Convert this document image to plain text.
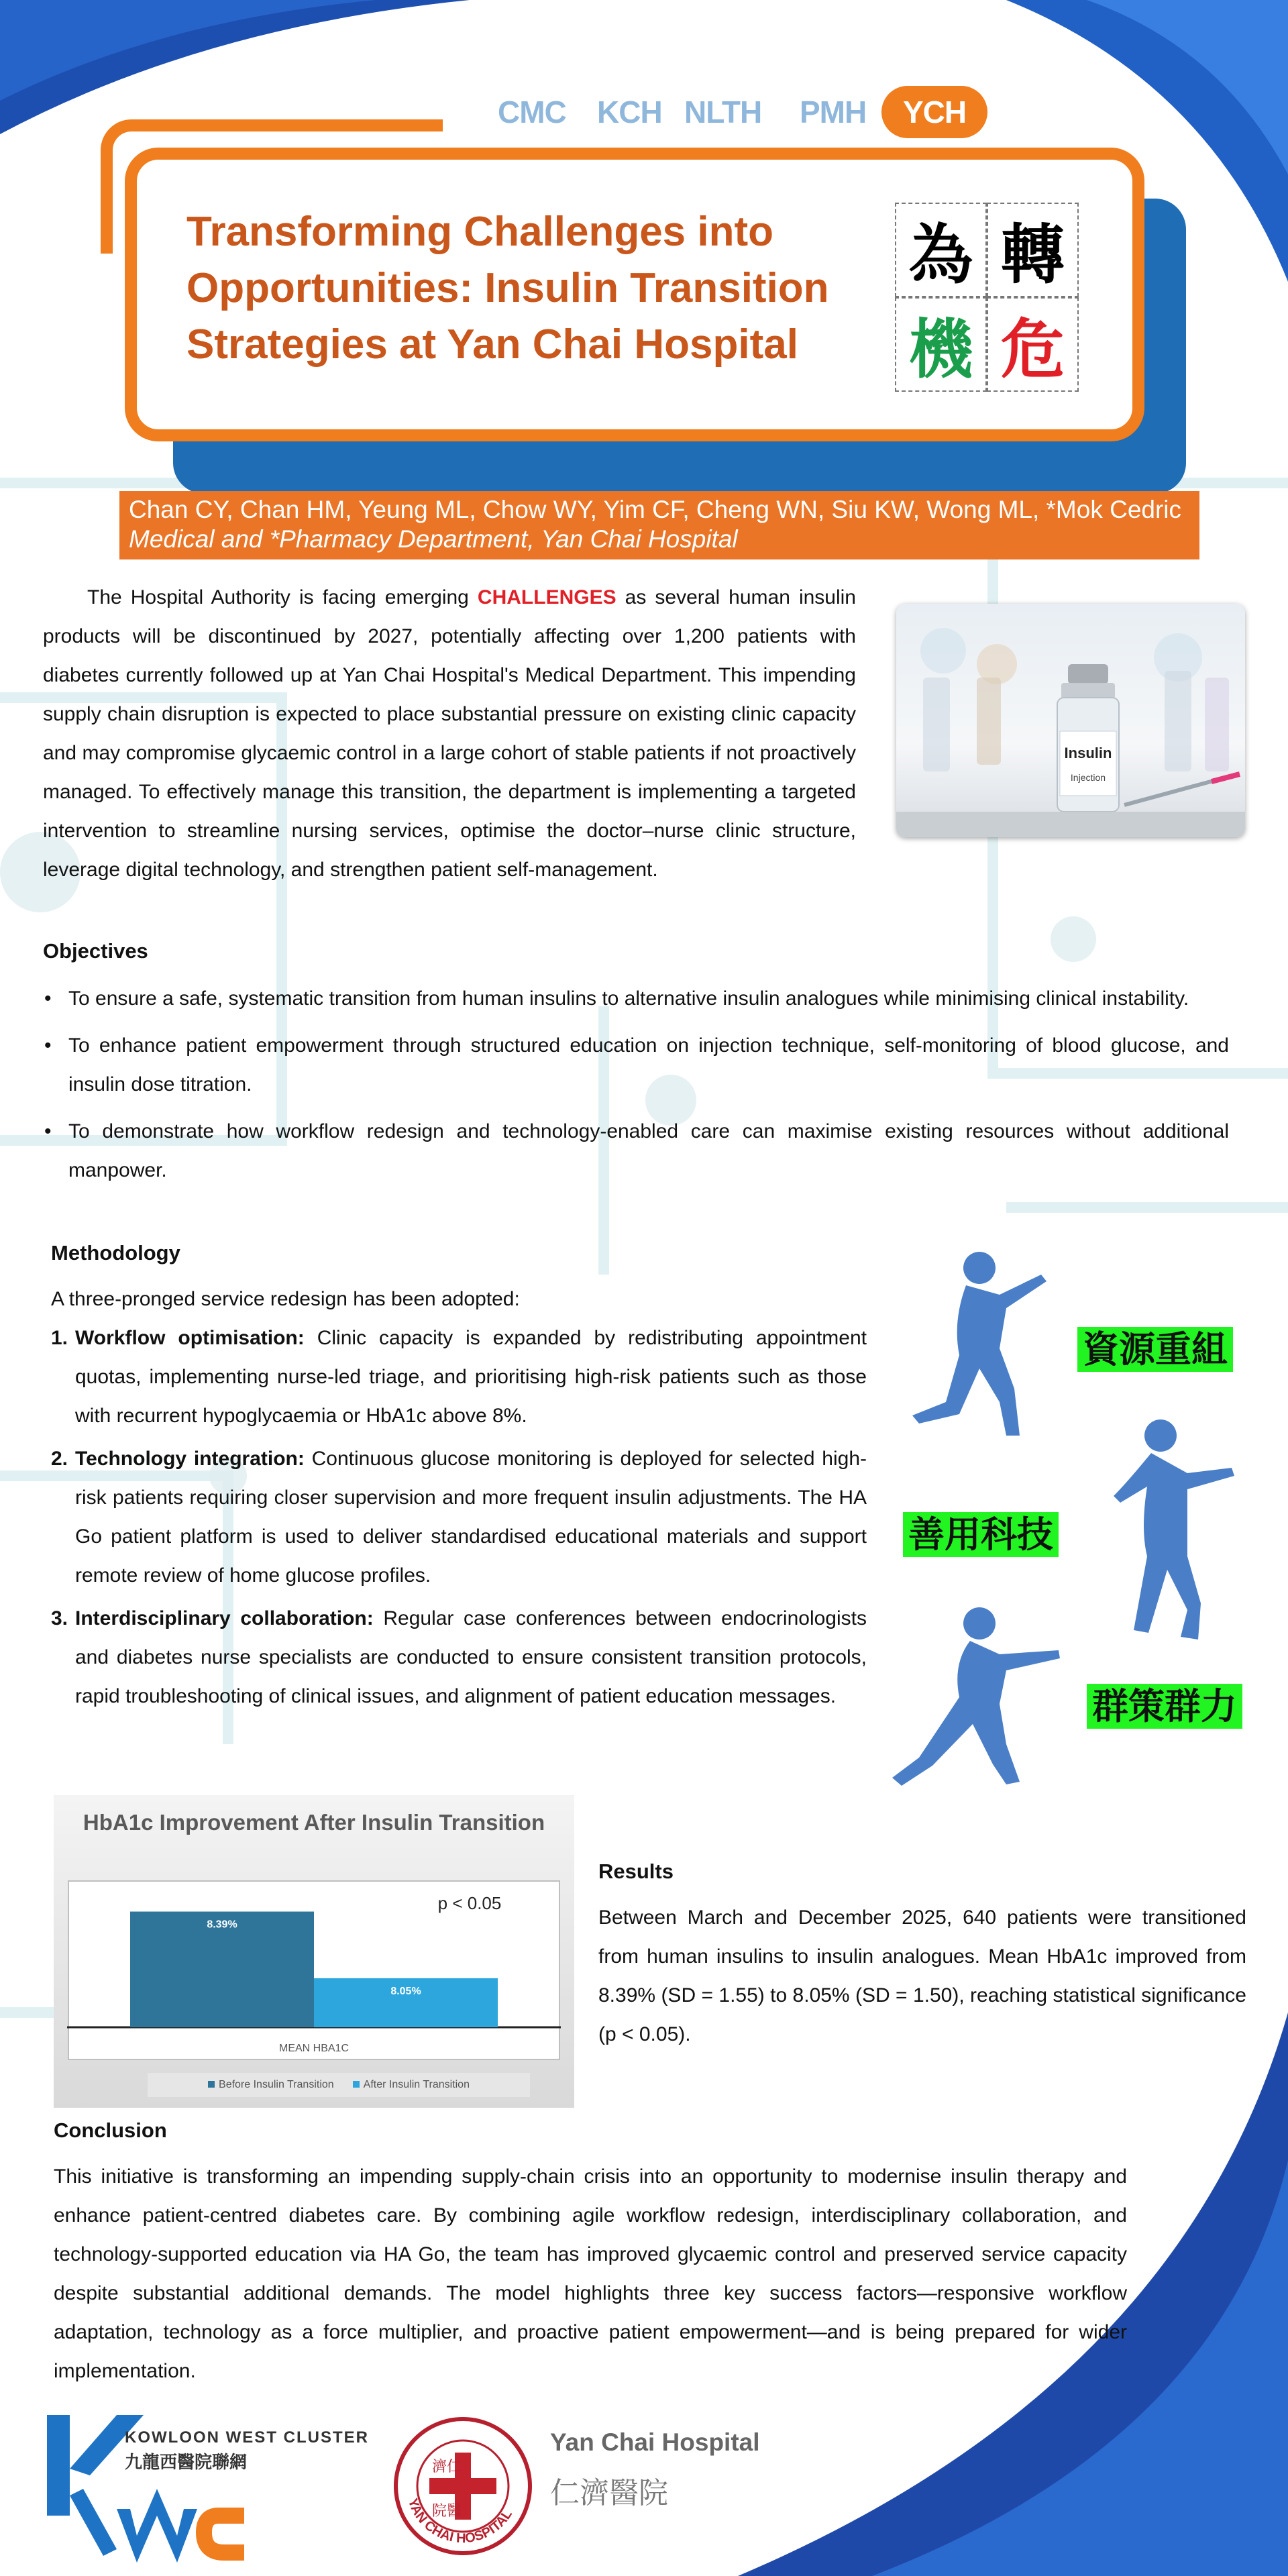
CMC KCH NLTH PMH	YCH
Transforming Challenges into
Opportunities: Insulin Transition
Strategies at Yan Chai Hospital
為 轉
機 危
Chan CY, Chan HM, Yeung ML, Chow WY, Yim CF, Cheng WN, Siu KW, Wong ML, *Mok Cedric
Medical and *Pharmacy Department, Yan Chai Hospital
The Hospital Authority is facing emerging CHALLENGES as several human insulin products will be discontinued by 2027, potentially affecting over 1,200 patients with diabetes currently followed up at Yan Chai Hospital's Medical Department. This impending supply chain disruption is expected to place substantial pressure on existing clinic capacity and may compromise glycaemic control in a large cohort of stable patients if not proactively managed. To effectively manage this transition, the department is implementing a targeted intervention to streamline nursing services, optimise the doctor–nurse clinic structure, leverage digital technology, and strengthen patient self-management.
Insulin
Injection
Objectives
• To ensure a safe, systematic transition from human insulins to alternative insulin analogues while minimising clinical instability.
• To enhance patient empowerment through structured education on injection technique, self-monitoring of blood glucose, and insulin dose titration.
• To demonstrate how workflow redesign and technology-enabled care can maximise existing resources without additional manpower.
Methodology
A three-pronged service redesign has been adopted:
1. Workflow optimisation: Clinic capacity is expanded by redistributing appointment quotas, implementing nurse-led triage, and prioritising high-risk patients such as those with recurrent hypoglycaemia or HbA1c above 8%.
2. Technology integration: Continuous glucose monitoring is deployed for selected high-risk patients requiring closer supervision and more frequent insulin adjustments. The HA Go patient platform is used to deliver standardised educational materials and support remote review of home glucose profiles.
3. Interdisciplinary collaboration: Regular case conferences between endocrinologists and diabetes nurse specialists are conducted to ensure consistent transition protocols, rapid troubleshooting of clinical issues, and alignment of patient education messages.
資源重組
善用科技
群策群力
HbA1c Improvement After Insulin Transition
p < 0.05
8.39%
8.05%
MEAN HBA1C
Before Insulin Transition	After Insulin Transition
Results
Between March and December 2025, 640 patients were transitioned from human insulins to insulin analogues. Mean HbA1c improved from 8.39% (SD = 1.55) to 8.05% (SD = 1.50), reaching statistical significance (p < 0.05).
Conclusion
This initiative is transforming an impending supply-chain crisis into an opportunity to modernise insulin therapy and enhance patient-centred diabetes care. By combining agile workflow redesign, interdisciplinary collaboration, and technology-supported education via HA Go, the team has improved glycaemic control and preserved service capacity despite substantial additional demands. The model highlights three key success factors—responsive workflow adaptation, technology as a force multiplier, and proactive patient empowerment—and is being prepared for wider implementation.
KOWLOON WEST CLUSTER
九龍西醫院聯網	濟仁
院醫
YAN CHAI HOSPITAL
Yan Chai Hospital
仁濟醫院
